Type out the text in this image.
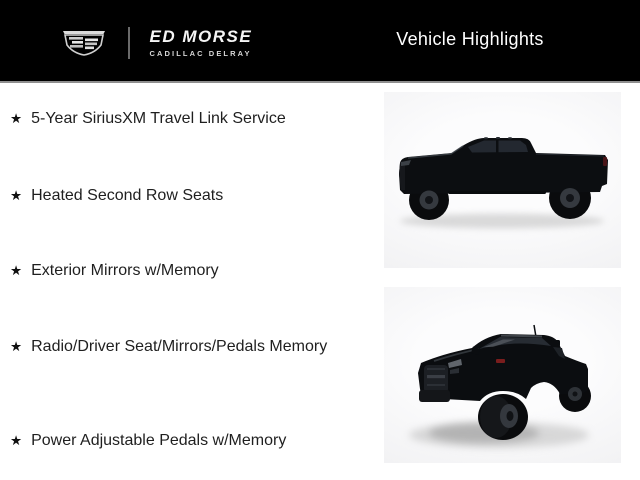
ED MORSE
CADILLAC DELRAY
Vehicle Highlights
★ 5-Year SiriusXM Travel Link Service
★ Heated Second Row Seats
★ Exterior Mirrors w/Memory
★ Radio/Driver Seat/Mirrors/Pedals Memory
★ Power Adjustable Pedals w/Memory
